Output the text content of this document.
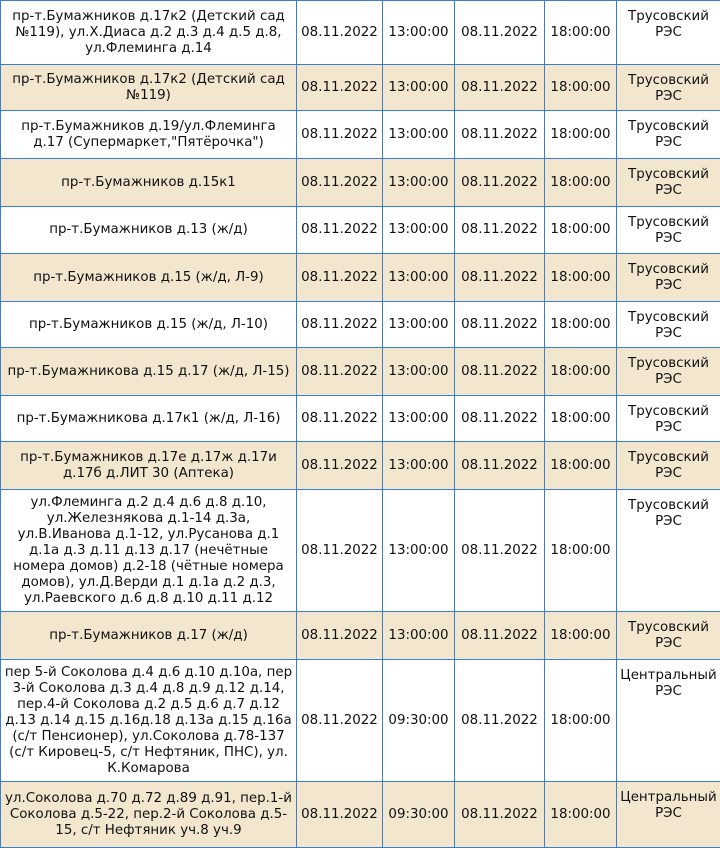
пр-т.Бумажников д.17к2 (Детский сад №119), ул.Х.Диаса д.2 д.3 д.4 д.5 д.8, ул.Флеминга д.14	08.11.2022	13:00:00	08.11.2022	18:00:00	Трусовский РЭС
пр-т.Бумажников д.17к2 (Детский сад №119)	08.11.2022	13:00:00	08.11.2022	18:00:00	Трусовский РЭС
пр-т.Бумажников д.19/ул.Флеминга д.17 (Супермаркет,"Пятёрочка")	08.11.2022	13:00:00	08.11.2022	18:00:00	Трусовский РЭС
пр-т.Бумажников д.15к1	08.11.2022	13:00:00	08.11.2022	18:00:00	Трусовский РЭС
пр-т.Бумажников д.13 (ж/д)	08.11.2022	13:00:00	08.11.2022	18:00:00	Трусовский РЭС
пр-т.Бумажников д.15 (ж/д, Л-9)	08.11.2022	13:00:00	08.11.2022	18:00:00	Трусовский РЭС
пр-т.Бумажников д.15 (ж/д, Л-10)	08.11.2022	13:00:00	08.11.2022	18:00:00	Трусовский РЭС
пр-т.Бумажникова д.15 д.17 (ж/д, Л-15)	08.11.2022	13:00:00	08.11.2022	18:00:00	Трусовский РЭС
пр-т.Бумажникова д.17к1 (ж/д, Л-16)	08.11.2022	13:00:00	08.11.2022	18:00:00	Трусовский РЭС
пр-т.Бумажников д.17е д.17ж д.17и д.17б д.ЛИТ 30 (Аптека)	08.11.2022	13:00:00	08.11.2022	18:00:00	Трусовский РЭС
ул.Флеминга д.2 д.4 д.6 д.8 д.10, ул.Железнякова д.1-14 д.3а, ул.В.Иванова д.1-12, ул.Русанова д.1 д.1а д.3 д.11 д.13 д.17 (нечётные номера домов) д.2-18 (чётные номера домов), ул.Д.Верди д.1 д.1а д.2 д.3, ул.Раевского д.6 д.8 д.10 д.11 д.12	08.11.2022	13:00:00	08.11.2022	18:00:00	Трусовский РЭС
пр-т.Бумажников д.17 (ж/д)	08.11.2022	13:00:00	08.11.2022	18:00:00	Трусовский РЭС
пер 5-й Соколова д.4 д.6 д.10 д.10а, пер 3-й Соколова д.3 д.4 д.8 д.9 д.12 д.14, пер.4-й Соколова д.2 д.5 д.6 д.7 д.12 д.13 д.14 д.15 д.16д.18 д.13а д.15 д.16а (с/т Пенсионер), ул.Соколова д.78-137 (с/т Кировец-5, с/т Нефтяник, ПНС), ул. К.Комарова	08.11.2022	09:30:00	08.11.2022	18:00:00	Центральный РЭС
ул.Соколова д.70 д.72 д.89 д.91, пер.1-й Соколова д.5-22, пер.2-й Соколова д.5-15, с/т Нефтяник уч.8 уч.9	08.11.2022	09:30:00	08.11.2022	18:00:00	Центральный РЭС
